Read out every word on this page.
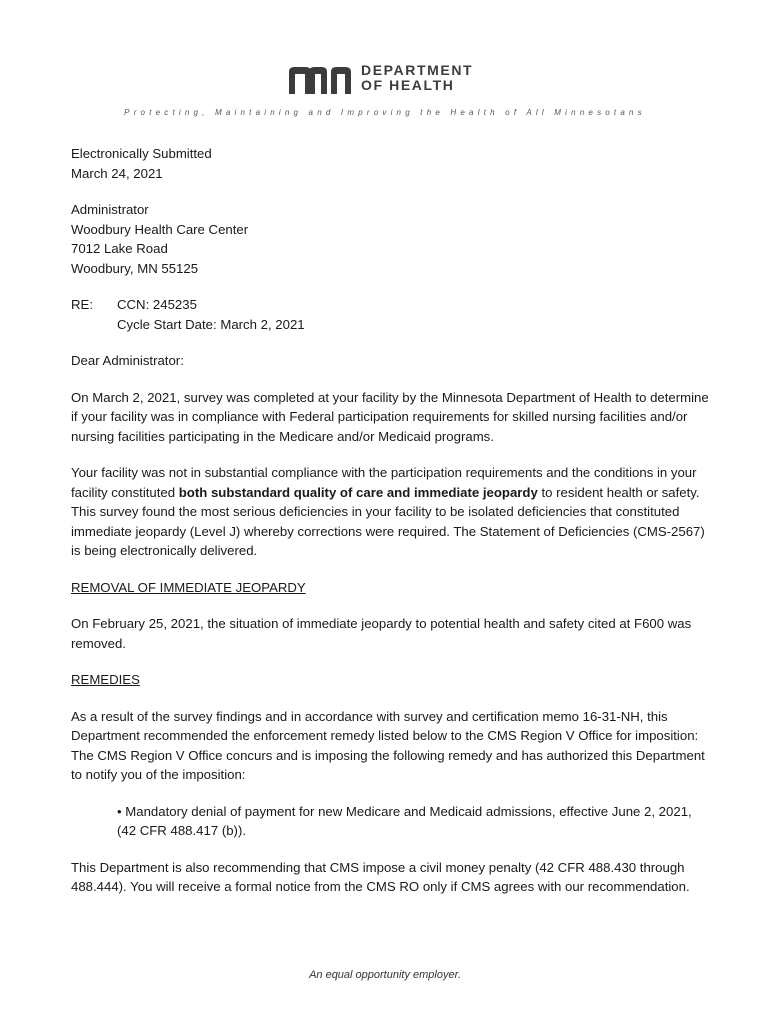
DEPARTMENT
OF HEALTH
Protecting, Maintaining and Improving the Health of All Minnesotans
Electronically Submitted
March 24, 2021
Administrator
Woodbury Health Care Center
7012 Lake Road
Woodbury, MN 55125
RE:	CCN: 245235
Cycle Start Date: March 2, 2021

Dear Administrator:

On March 2, 2021, survey was completed at your facility by the Minnesota Department of Health to determine if your facility was in compliance with Federal participation requirements for skilled nursing facilities and/or nursing facilities participating in the Medicare and/or Medicaid programs.

Your facility was not in substantial compliance with the participation requirements and the conditions in your facility constituted both substandard quality of care and immediate jeopardy to resident health or safety. This survey found the most serious deficiencies in your facility to be isolated deficiencies that constituted immediate jeopardy (Level J) whereby corrections were required. The Statement of Deficiencies (CMS-2567) is being electronically delivered.

REMOVAL OF IMMEDIATE JEOPARDY

On February 25, 2021, the situation of immediate jeopardy to potential health and safety cited at F600 was removed.

REMEDIES

As a result of the survey findings and in accordance with survey and certification memo 16-31-NH, this Department recommended the enforcement remedy listed below to the CMS Region V Office for imposition: The CMS Region V Office concurs and is imposing the following remedy and has authorized this Department to notify you of the imposition:

• Mandatory denial of payment for new Medicare and Medicaid admissions, effective June 2, 2021, (42 CFR 488.417 (b)).

This Department is also recommending that CMS impose a civil money penalty (42 CFR 488.430 through 488.444). You will receive a formal notice from the CMS RO only if CMS agrees with our recommendation.

An equal opportunity employer.
